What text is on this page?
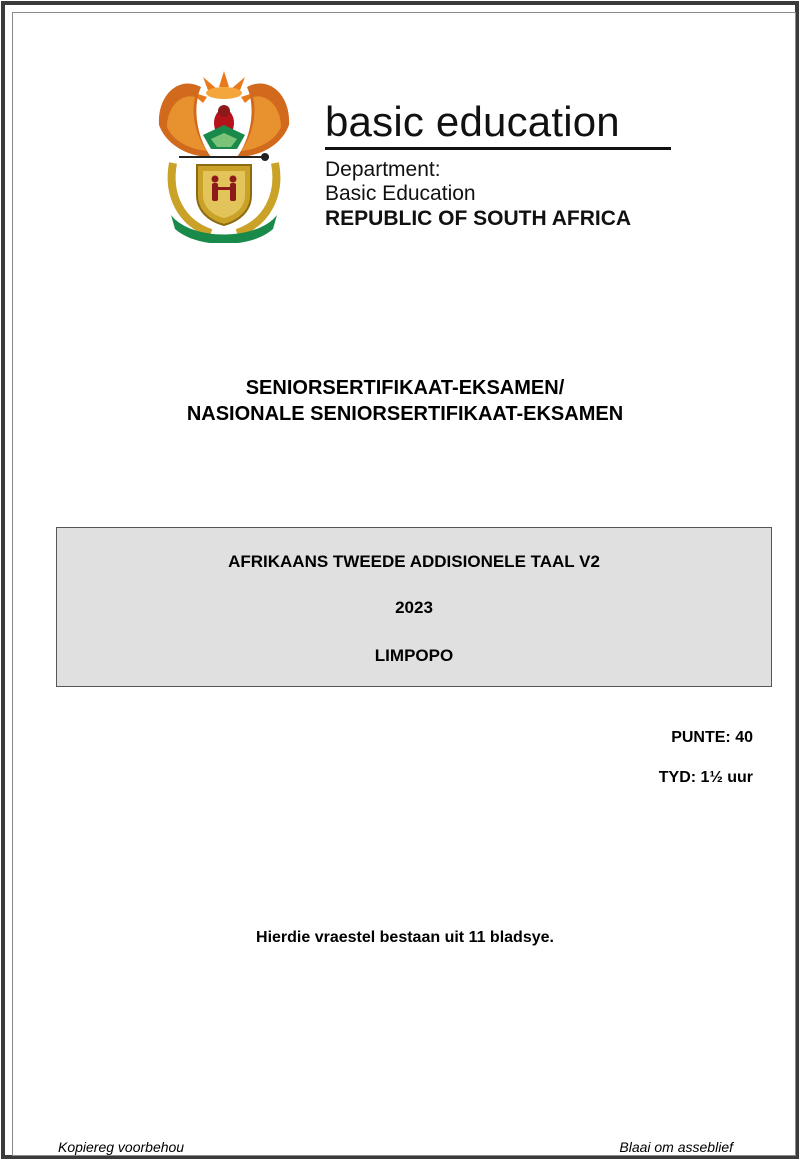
basic education
Department:
Basic Education
REPUBLIC OF SOUTH AFRICA
SENIORSERTIFIKAAT-EKSAMEN/
NASIONALE SENIORSERTIFIKAAT-EKSAMEN
AFRIKAANS TWEEDE ADDISIONELE TAAL V2
2023
LIMPOPO
PUNTE: 40
TYD: 1½ uur
Hierdie vraestel bestaan uit 11 bladsye.
Kopiereg voorbehou	Blaai om asseblief
